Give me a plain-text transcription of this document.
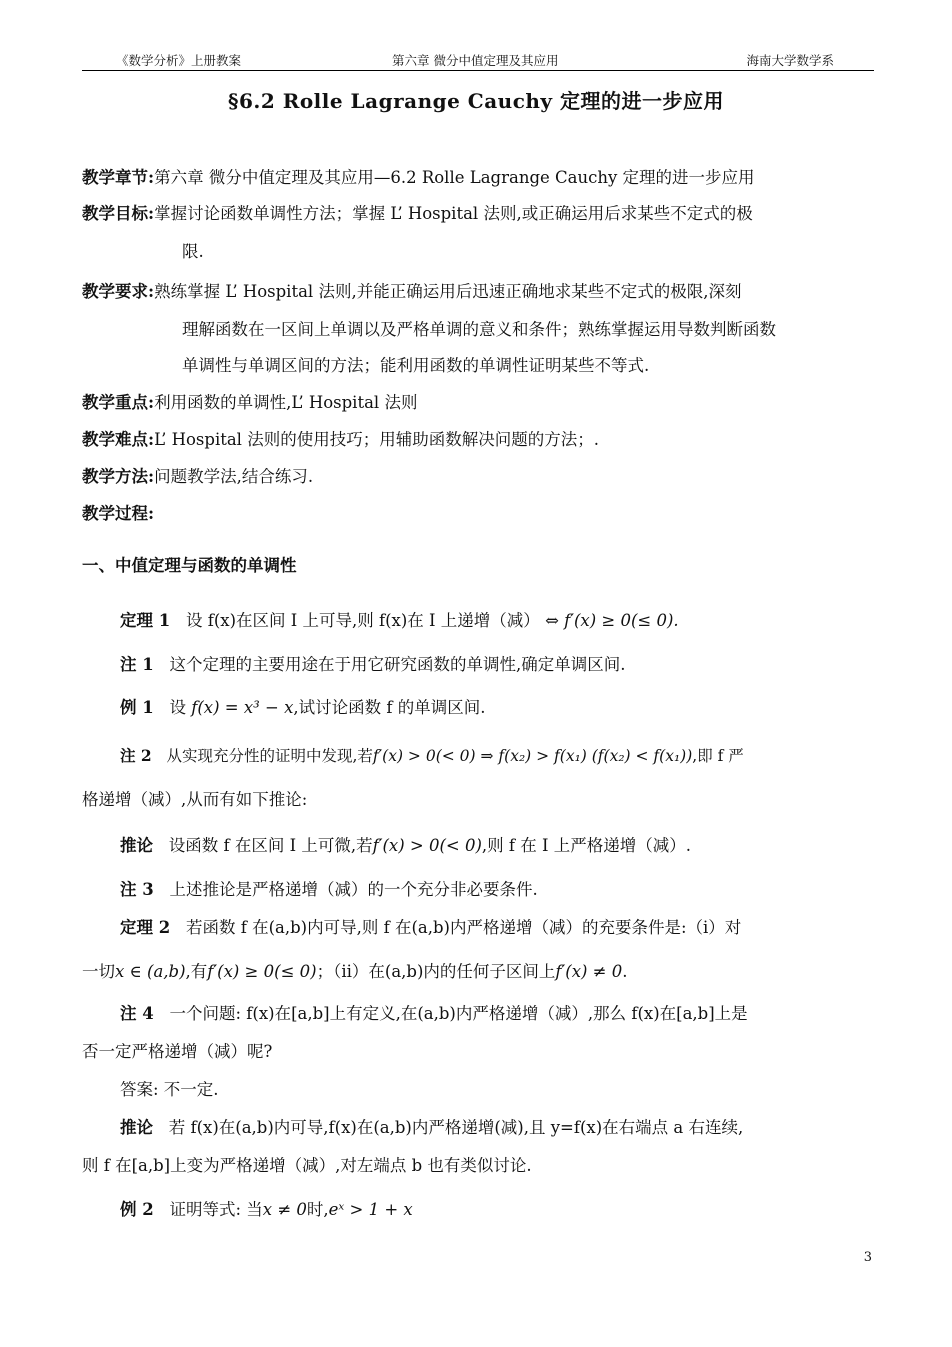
《数学分析》上册教案	第六章 微分中值定理及其应用	海南大学数学系
§6.2 Rolle Lagrange Cauchy 定理的进一步应用
教学章节:第六章 微分中值定理及其应用—6.2 Rolle Lagrange Cauchy 定理的进一步应用
教学目标:掌握讨论函数单调性方法；掌握 L’ Hospital 法则,或正确运用后求某些不定式的极
限.
教学要求:熟练掌握 L’ Hospital 法则,并能正确运用后迅速正确地求某些不定式的极限,深刻
理解函数在一区间上单调以及严格单调的意义和条件；熟练掌握运用导数判断函数
单调性与单调区间的方法；能利用函数的单调性证明某些不等式.
教学重点:利用函数的单调性,L’ Hospital 法则
教学难点:L’ Hospital 法则的使用技巧；用辅助函数解决问题的方法；.
教学方法:问题教学法,结合练习.
教学过程:
一、中值定理与函数的单调性
定理 1 设 f(x)在区间 I 上可导,则 f(x)在 I 上递增（减） ⇔ f′(x) ≥ 0(≤ 0).
注 1 这个定理的主要用途在于用它研究函数的单调性,确定单调区间.
例 1 设 f(x) = x³ − x,试讨论函数 f 的单调区间.
注 2 从实现充分性的证明中发现,若f′(x) > 0(< 0) ⇒ f(x₂) > f(x₁) (f(x₂) < f(x₁)),即 f 严
格递增（减）,从而有如下推论:
推论 设函数 f 在区间 I 上可微,若f′(x) > 0(< 0),则 f 在 I 上严格递增（减）.
注 3 上述推论是严格递增（减）的一个充分非必要条件.
定理 2 若函数 f 在(a,b)内可导,则 f 在(a,b)内严格递增（减）的充要条件是:（ⅰ）对
一切x ∈ (a,b),有f′(x) ≥ 0(≤ 0)；（ⅱ）在(a,b)内的任何子区间上f′(x) ≠ 0.
注 4 一个问题: f(x)在[a,b]上有定义,在(a,b)内严格递增（减）,那么 f(x)在[a,b]上是
否一定严格递增（减）呢?
答案: 不一定.
推论 若 f(x)在(a,b)内可导,f(x)在(a,b)内严格递增(减),且 y=f(x)在右端点 a 右连续,
则 f 在[a,b]上变为严格递增（减）,对左端点 b 也有类似讨论.
例 2 证明等式: 当x ≠ 0时,eˣ > 1 + x
3
